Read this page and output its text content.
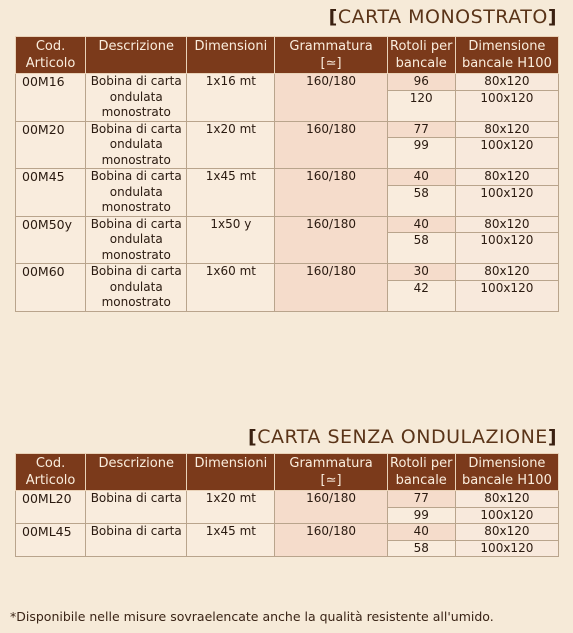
[CARTA MONOSTRATO]
Cod. Articolo	Descrizione	Dimensioni	Grammatura [≃]	Rotoli per bancale	Dimensione bancale H100
00M16	Bobina di carta ondulata monostrato	1x16 mt	160/180	96	80x120
				120	100x120
00M20	Bobina di carta ondulata monostrato	1x20 mt	160/180	77	80x120
				99	100x120
00M45	Bobina di carta ondulata monostrato	1x45 mt	160/180	40	80x120
				58	100x120
00M50y	Bobina di carta ondulata monostrato	1x50 y	160/180	40	80x120
				58	100x120
00M60	Bobina di carta ondulata monostrato	1x60 mt	160/180	30	80x120
				42	100x120
[CARTA SENZA ONDULAZIONE]
Cod. Articolo	Descrizione	Dimensioni	Grammatura [≃]	Rotoli per bancale	Dimensione bancale H100
00ML20	Bobina di carta	1x20 mt	160/180	77	80x120
				99	100x120
00ML45	Bobina di carta	1x45 mt	160/180	40	80x120
				58	100x120
*Disponibile nelle misure sovraelencate anche la qualità resistente all'umido.
